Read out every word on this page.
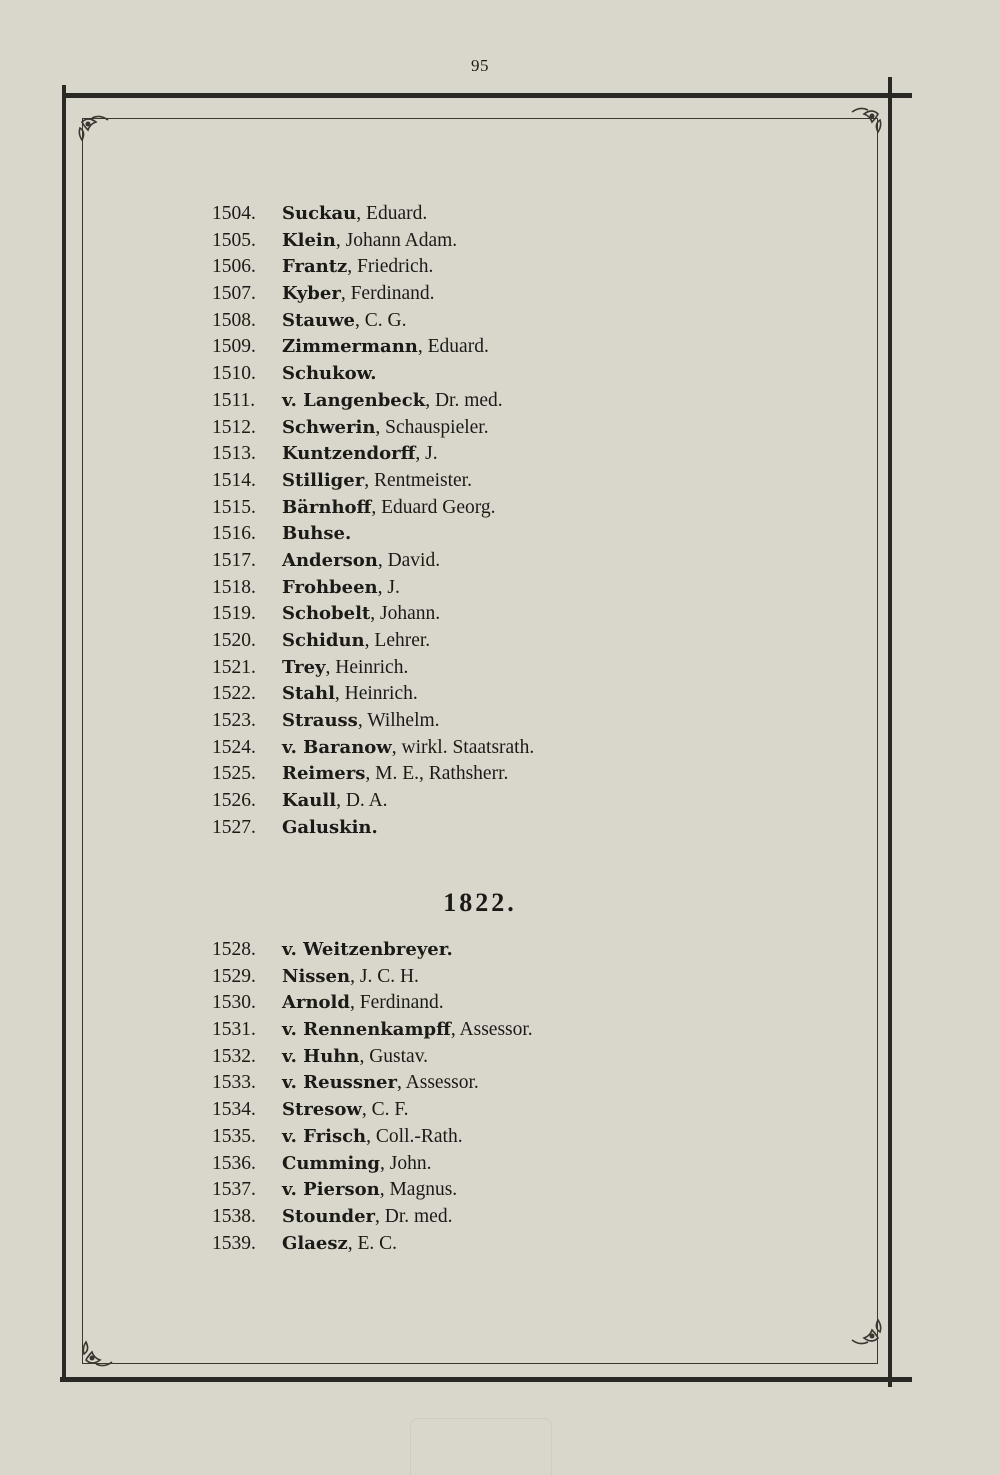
95
1504. Suckau, Eduard.
1505. Klein, Johann Adam.
1506. Frantz, Friedrich.
1507. Kyber, Ferdinand.
1508. Stauwe, C. G.
1509. Zimmermann, Eduard.
1510. Schukow.
1511. v. Langenbeck, Dr. med.
1512. Schwerin, Schauspieler.
1513. Kuntzendorff, J.
1514. Stilliger, Rentmeister.
1515. Bärnhoff, Eduard Georg.
1516. Buhse.
1517. Anderson, David.
1518. Frohbeen, J.
1519. Schobelt, Johann.
1520. Schidun, Lehrer.
1521. Trey, Heinrich.
1522. Stahl, Heinrich.
1523. Strauss, Wilhelm.
1524. v. Baranow, wirkl. Staatsrath.
1525. Reimers, M. E., Rathsherr.
1526. Kaull, D. A.
1527. Galuskin.
1822.
1528. v. Weitzenbreyer.
1529. Nissen, J. C. H.
1530. Arnold, Ferdinand.
1531. v. Rennenkampff, Assessor.
1532. v. Huhn, Gustav.
1533. v. Reussner, Assessor.
1534. Stresow, C. F.
1535. v. Frisch, Coll.-Rath.
1536. Cumming, John.
1537. v. Pierson, Magnus.
1538. Stounder, Dr. med.
1539. Glaesz, E. C.
